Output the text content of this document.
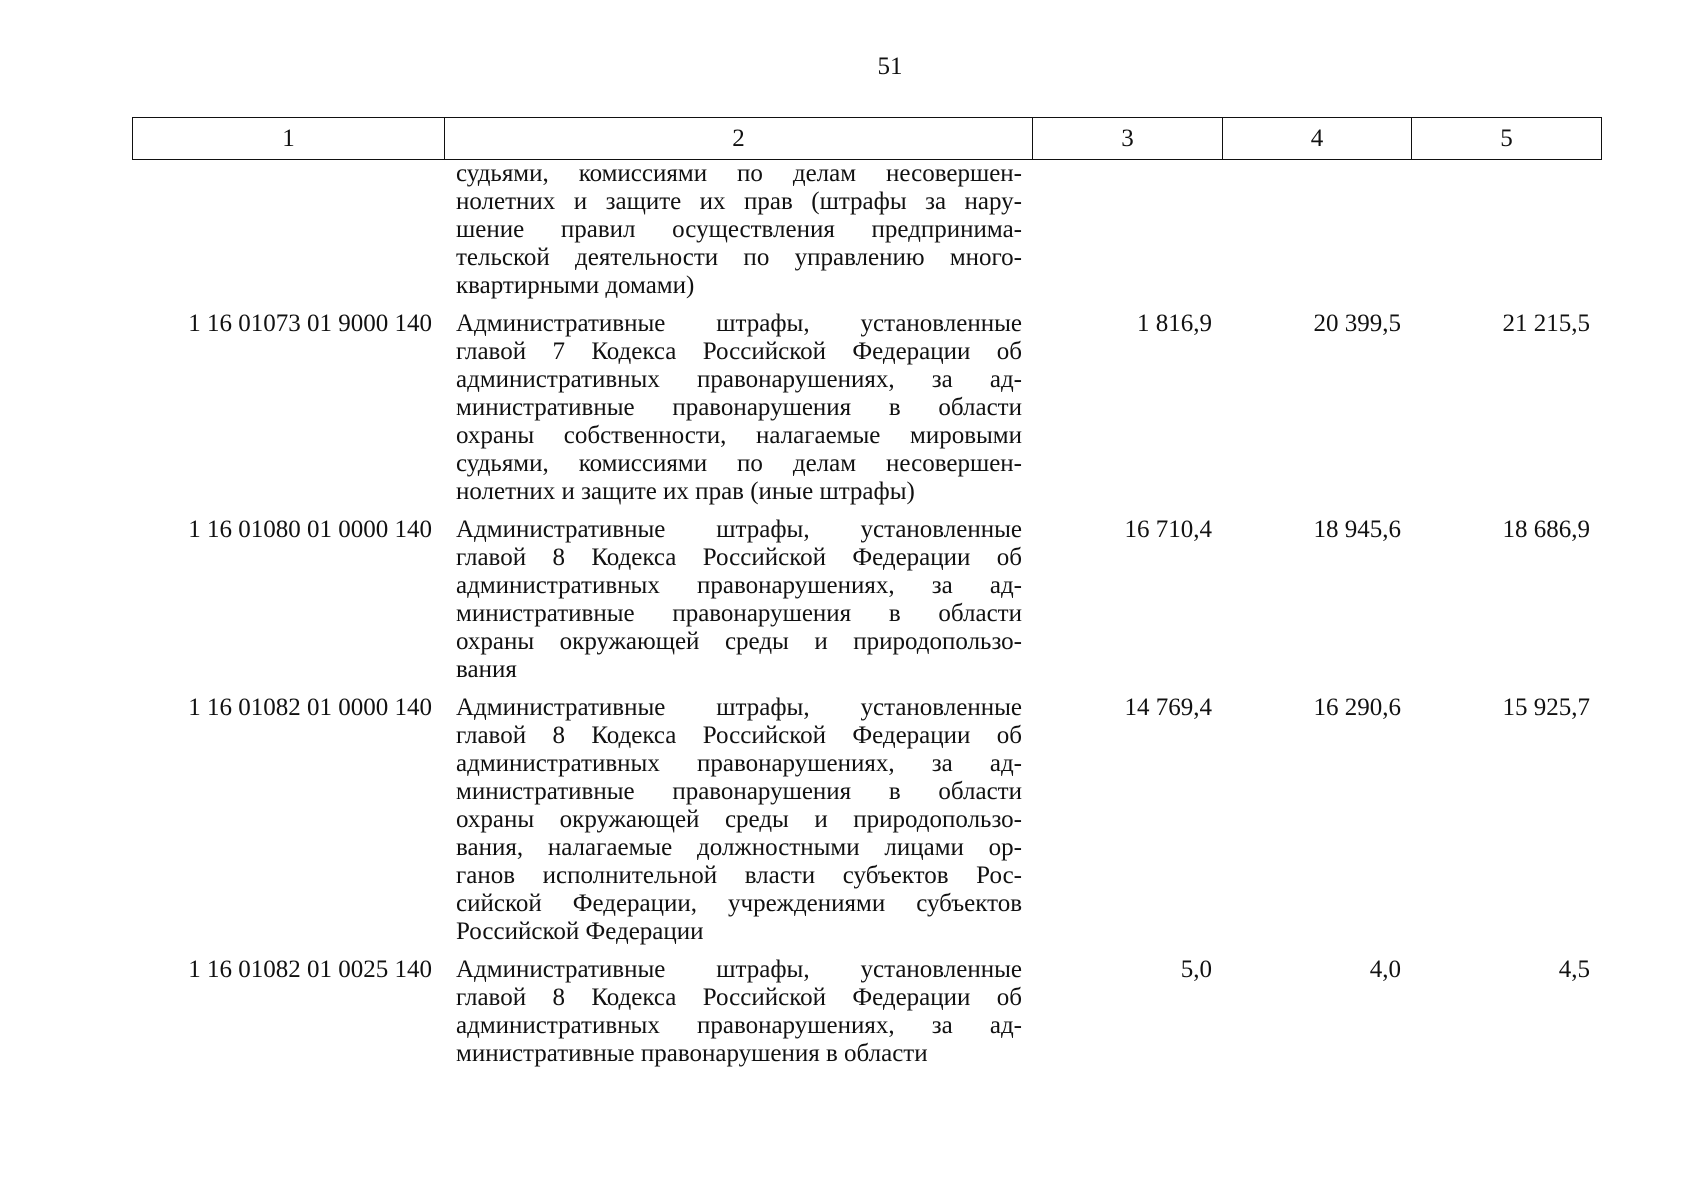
51
1	2	3	4	5
судьями, комиссиями по делам несовершен-
нолетних и защите их прав (штрафы за нару-
шение правил осуществления предпринима-
тельской деятельности по управлению много-
квартирными домами)
1 16 01073 01 9000 140 Административные штрафы, установленные
главой 7 Кодекса Российской Федерации об
административных правонарушениях, за ад-
министративные правонарушения в области
охраны собственности, налагаемые мировыми
судьями, комиссиями по делам несовершен-
нолетних и защите их прав (иные штрафы)
1 816,9	20 399,5	21 215,5
1 16 01080 01 0000 140 Административные штрафы, установленные
главой 8 Кодекса Российской Федерации об
административных правонарушениях, за ад-
министративные правонарушения в области
охраны окружающей среды и природопользо-
вания
16 710,4	18 945,6	18 686,9
1 16 01082 01 0000 140 Административные штрафы, установленные
главой 8 Кодекса Российской Федерации об
административных правонарушениях, за ад-
министративные правонарушения в области
охраны окружающей среды и природопользо-
вания, налагаемые должностными лицами ор-
ганов исполнительной власти субъектов Рос-
сийской Федерации, учреждениями субъектов
Российской Федерации
14 769,4	16 290,6	15 925,7
1 16 01082 01 0025 140 Административные штрафы, установленные
главой 8 Кодекса Российской Федерации об
административных правонарушениях, за ад-
министративные правонарушения в области
5,0	4,0	4,5
